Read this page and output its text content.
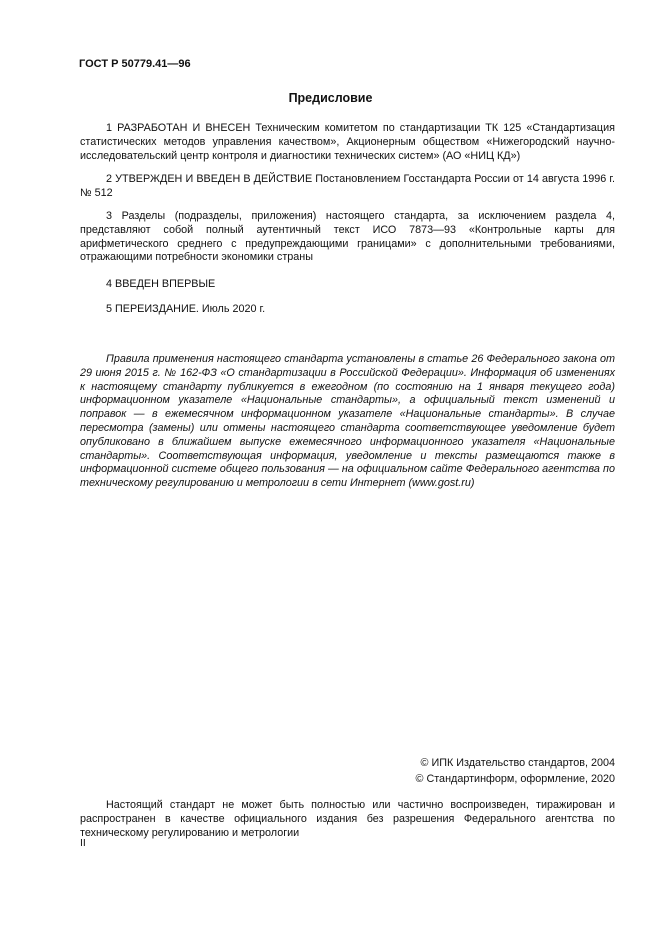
ГОСТ Р 50779.41—96
Предисловие
1 РАЗРАБОТАН И ВНЕСЕН Техническим комитетом по стандартизации ТК 125 «Стандартизация статистических методов управления качеством», Акционерным обществом «Нижегородский научно-исследовательский центр контроля и диагностики технических систем» (АО «НИЦ КД»)
2 УТВЕРЖДЕН И ВВЕДЕН В ДЕЙСТВИЕ Постановлением Госстандарта России от 14 августа 1996 г. № 512
3 Разделы (подразделы, приложения) настоящего стандарта, за исключением раздела 4, представляют собой полный аутентичный текст ИСО 7873—93 «Контрольные карты для арифметического среднего с предупреждающими границами» с дополнительными требованиями, отражающими потребности экономики страны
4 ВВЕДЕН ВПЕРВЫЕ
5 ПЕРЕИЗДАНИЕ. Июль 2020 г.
Правила применения настоящего стандарта установлены в статье 26 Федерального закона от 29 июня 2015 г. № 162-ФЗ «О стандартизации в Российской Федерации». Информация об изменениях к настоящему стандарту публикуется в ежегодном (по состоянию на 1 января текущего года) информационном указателе «Национальные стандарты», а официальный текст изменений и поправок — в ежемесячном информационном указателе «Национальные стандарты». В случае пересмотра (замены) или отмены настоящего стандарта соответствующее уведомление будет опубликовано в ближайшем выпуске ежемесячного информационного указателя «Национальные стандарты». Соответствующая информация, уведомление и тексты размещаются также в информационной системе общего пользования — на официальном сайте Федерального агентства по техническому регулированию и метрологии в сети Интернет (www.gost.ru)
© ИПК Издательство стандартов, 2004
© Стандартинформ, оформление, 2020
Настоящий стандарт не может быть полностью или частично воспроизведен, тиражирован и распространен в качестве официального издания без разрешения Федерального агентства по техническому регулированию и метрологии
II
